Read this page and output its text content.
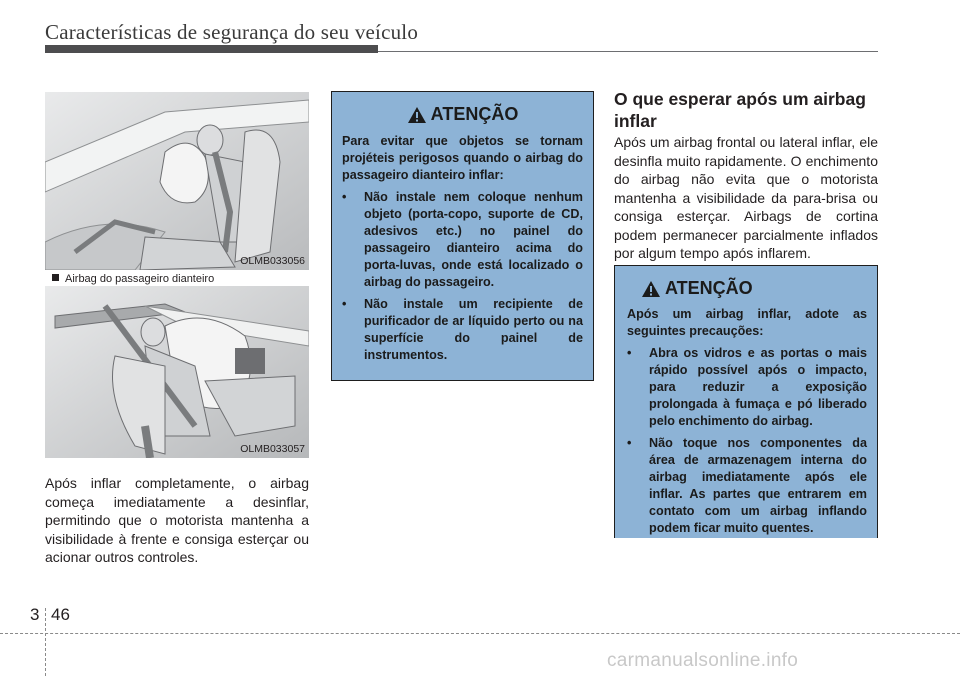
Características de segurança do seu veículo
OLMB033056
Airbag do passageiro dianteiro
OLMB033057
Após inflar completamente, o airbag começa imediatamente a desinflar, permitindo que o motorista mantenha a visibilidade à frente e consiga esterçar ou acionar outros controles.
ATENÇÃO
Para evitar que objetos se tornam projéteis perigosos quando o airbag do passageiro dianteiro inflar:
• Não instale nem coloque nenhum objeto (porta-copo, suporte de CD, adesivos etc.) no painel do passageiro dianteiro acima do porta-luvas, onde está localizado o airbag do passageiro.
• Não instale um recipiente de purificador de ar líquido perto ou na superfície do painel de instrumentos.
O que esperar após um airbag inflar
Após um airbag frontal ou lateral inflar, ele desinfla muito rapidamente. O enchimento do airbag não evita que o motorista mantenha a visibilidade da para-brisa ou consiga esterçar. Airbags de cortina podem permanecer parcialmente inflados por algum tempo após inflarem.
ATENÇÃO
Após um airbag inflar, adote as seguintes precauções:
• Abra os vidros e as portas o mais rápido possível após o impacto, para reduzir a exposição prolongada à fumaça e pó liberado pelo enchimento do airbag.
• Não toque nos componentes da área de armazenagem interna do airbag imediatamente após ele inflar. As partes que entrarem em contato com um airbag inflando podem ficar muito quentes.
3 46
carmanualsonline.info
